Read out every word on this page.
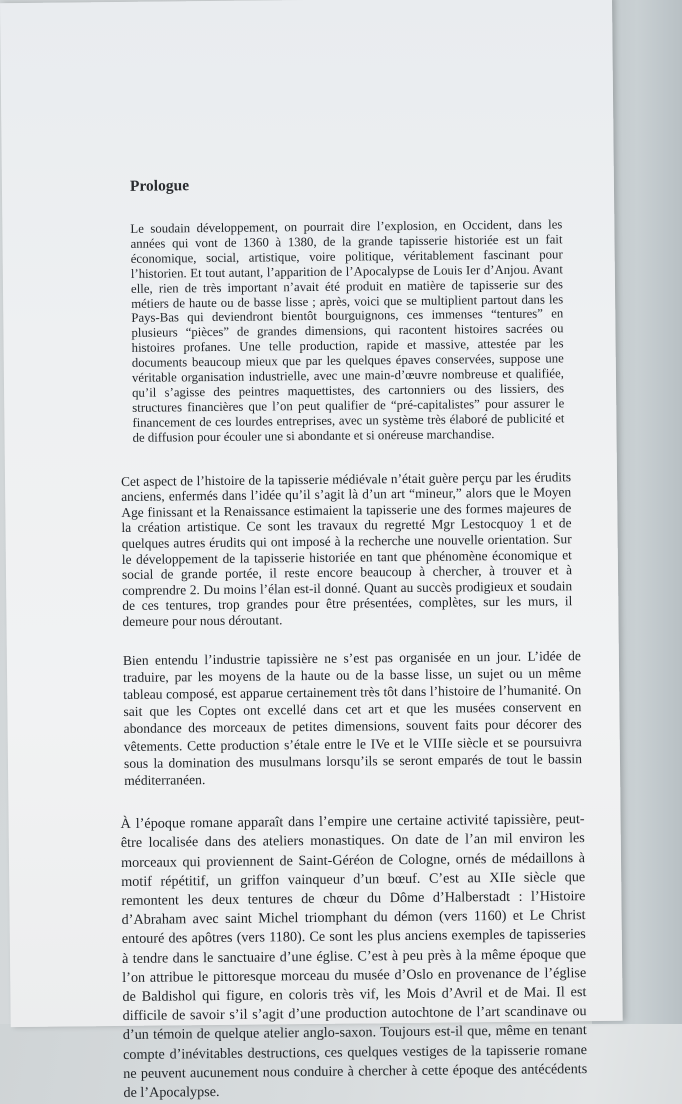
Prologue

Le soudain développement, on pourrait dire l’explosion, en Occident, dans les années qui vont de 1360 à 1380, de la grande tapisserie historiée est un fait économique, social, artistique, voire politique, véritablement fascinant pour l’historien. Et tout autant, l’apparition de l’Apocalypse de Louis Ier d’Anjou. Avant elle, rien de très important n’avait été produit en matière de tapisserie sur des métiers de haute ou de basse lisse ; après, voici que se multiplient partout dans les Pays-Bas qui deviendront bientôt bourguignons, ces immenses “tentures” en plusieurs “pièces” de grandes dimensions, qui racontent histoires sacrées ou histoires profanes. Une telle production, rapide et massive, attestée par les documents beaucoup mieux que par les quelques épaves conservées, suppose une véritable organisation industrielle, avec une main-d’œuvre nombreuse et qualifiée, qu’il s’agisse des peintres maquettistes, des cartonniers ou des lissiers, des structures financières que l’on peut qualifier de “pré-capitalistes” pour assurer le financement de ces lourdes entreprises, avec un système très élaboré de publicité et de diffusion pour écouler une si abondante et si onéreuse marchandise.

Cet aspect de l’histoire de la tapisserie médiévale n’était guère perçu par les érudits anciens, enfermés dans l’idée qu’il s’agit là d’un art “mineur,” alors que le Moyen Age finissant et la Renaissance estimaient la tapisserie une des formes majeures de la création artistique. Ce sont les travaux du regretté Mgr Lestocquoy 1 et de quelques autres érudits qui ont imposé à la recherche une nouvelle orientation. Sur le développement de la tapisserie historiée en tant que phénomène économique et social de grande portée, il reste encore beaucoup à chercher, à trouver et à comprendre 2. Du moins l’élan est-il donné. Quant au succès prodigieux et soudain de ces tentures, trop grandes pour être présentées, complètes, sur les murs, il demeure pour nous déroutant.

Bien entendu l’industrie tapissière ne s’est pas organisée en un jour. L’idée de traduire, par les moyens de la haute ou de la basse lisse, un sujet ou un même tableau composé, est apparue certainement très tôt dans l’histoire de l’humanité. On sait que les Coptes ont excellé dans cet art et que les musées conservent en abondance des morceaux de petites dimensions, souvent faits pour décorer des vêtements. Cette production s’étale entre le IVe et le VIIIe siècle et se poursuivra sous la domination des musulmans lorsqu’ils se seront emparés de tout le bassin méditerranéen.

À l’époque romane apparaît dans l’empire une certaine activité tapissière, peut-être localisée dans des ateliers monastiques. On date de l’an mil environ les morceaux qui proviennent de Saint-Géréon de Cologne, ornés de médaillons à motif répétitif, un griffon vainqueur d’un bœuf. C’est au XIIe siècle que remontent les deux tentures de chœur du Dôme d’Halberstadt : l’Histoire d’Abraham avec saint Michel triomphant du démon (vers 1160) et Le Christ entouré des apôtres (vers 1180). Ce sont les plus anciens exemples de tapisseries à tendre dans le sanctuaire d’une église. C’est à peu près à la même époque que l’on attribue le pittoresque morceau du musée d’Oslo en provenance de l’église de Baldishol qui figure, en coloris très vif, les Mois d’Avril et de Mai. Il est difficile de savoir s’il s’agit d’une production autochtone de l’art scandinave ou d’un témoin de quelque atelier anglo-saxon. Toujours est-il que, même en tenant compte d’inévitables destructions, ces quelques vestiges de la tapisserie romane ne peuvent aucunement nous conduire à chercher à cette époque des antécédents de l’Apocalypse.
